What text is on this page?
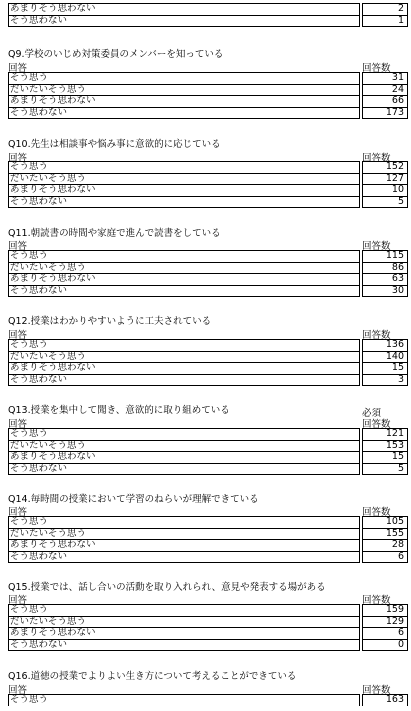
あまりそう思わない	2
そう思わない	1
Q9.学校のいじめ対策委員のメンバーを知っている
回答	回答数
そう思う	31
だいたいそう思う	24
あまりそう思わない	66
そう思わない	173
Q10.先生は相談事や悩み事に意欲的に応じている
回答	回答数
そう思う	152
だいたいそう思う	127
あまりそう思わない	10
そう思わない	5
Q11.朝読書の時間や家庭で進んで読書をしている
回答	回答数
そう思う	115
だいたいそう思う	86
あまりそう思わない	63
そう思わない	30
Q12.授業はわかりやすいように工夫されている
回答	回答数
そう思う	136
だいたいそう思う	140
あまりそう思わない	15
そう思わない	3
Q13.授業を集中して聞き、意欲的に取り組めている	必須
回答	回答数
そう思う	121
だいたいそう思う	153
あまりそう思わない	15
そう思わない	5
Q14.毎時間の授業において学習のねらいが理解できている
回答	回答数
そう思う	105
だいたいそう思う	155
あまりそう思わない	28
そう思わない	6
Q15.授業では、話し合いの活動を取り入れられ、意見や発表する場がある
回答	回答数
そう思う	159
だいたいそう思う	129
あまりそう思わない	6
そう思わない	0
Q16.道徳の授業でよりよい生き方について考えることができている
回答	回答数
そう思う	163
